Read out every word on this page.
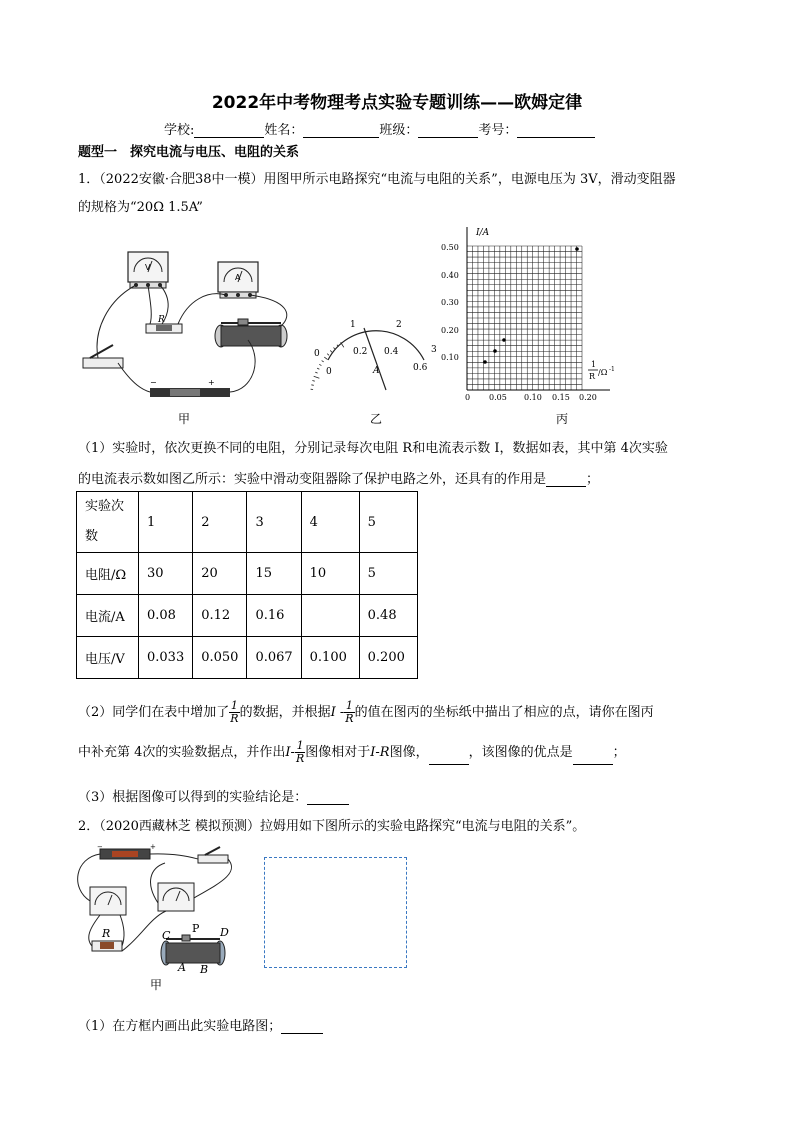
2022年中考物理考点实验专题训练——欧姆定律
学校:	姓名：	班级：	考号：
题型一　探究电流与电压、电阻的关系
1．（2022安徽·合肥38中一模）用图甲所示电路探究“电流与电阻的关系”，电源电压为 3V，滑动变阻器
的规格为“20Ω 1.5A”
V
A
R
−	+
甲
0
1	2
3
0
0.2 0.4
0.6
A
乙
I/A
0.50
0.40
0.30
0.20
0.10
0 0.05 0.10 0.15 0.20
1
R /Ω -1
丙
（1）实验时，依次更换不同的电阻，分别记录每次电阻 R和电流表示数 I，数据如表，其中第 4次实验
的电流表示数如图乙所示：实验中滑动变阻器除了保护电路之外，还具有的作用是	；
实验次
数	1	2	3	4	5
电阻/Ω	30	20	15	10	5
电流/A	0.08	0.12	0.16		0.48
电压/V	0.033	0.050	0.067	0.100	0.200
（2）同学们在表中增加了 $\frac{1}{R}$ 的数据，并根据I - $\frac{1}{R}$ 的值在图丙的坐标纸中描出了相应的点，请你在图丙
中补充第 4次的实验数据点，并作出$I- \frac{1}{R}$ 图像相对于I-R图像，	，该图像的优点是	；
（3）根据图像可以得到的实验结论是：
2．（2020西藏林芝 模拟预测）拉姆用如下图所示的实验电路探究“电流与电阻的关系”。
−	+
R	C
P D
A B
甲
（1）在方框内画出此实验电路图；
